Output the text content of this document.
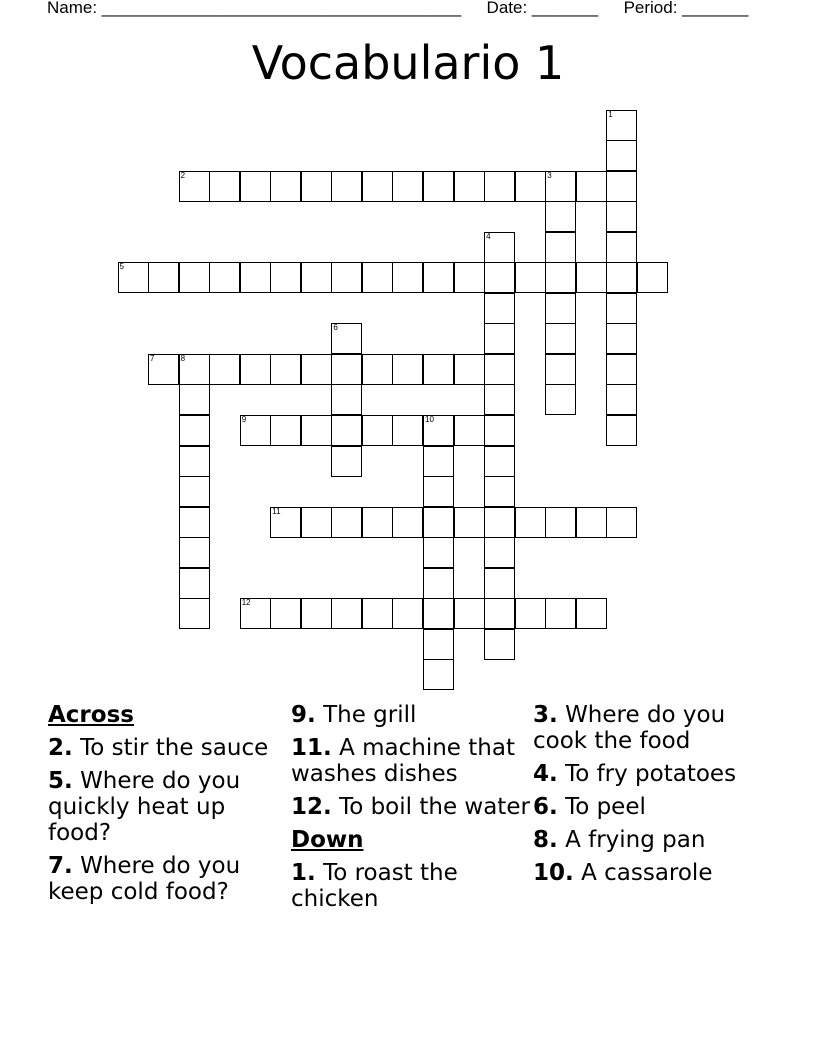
Name: ______________________________________ Date: _______ Period: _______
Vocabulario 1
1
2	3
4
5
6
7	8
9	10
11
12
Across
2. To stir the sauce
5. Where do you quickly heat up food?
7. Where do you keep cold food?
9. The grill
11. A machine that washes dishes
12. To boil the water
Down
1. To roast the chicken
3. Where do you cook the food
4. To fry potatoes
6. To peel
8. A frying pan
10. A cassarole
